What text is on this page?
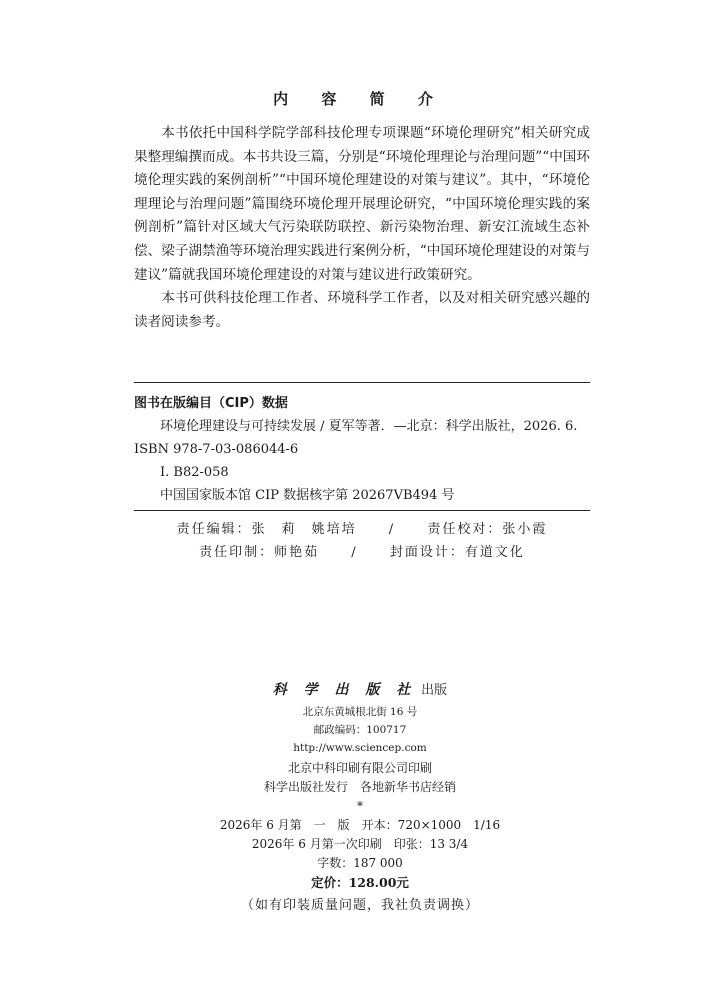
内 容 简 介

本书依托中国科学院学部科技伦理专项课题“环境伦理研究”相关研究成果整理编撰而成。本书共设三篇，分别是“环境伦理理论与治理问题”“中国环境伦理实践的案例剖析”“中国环境伦理建设的对策与建议”。其中，“环境伦理理论与治理问题”篇围绕环境伦理开展理论研究，“中国环境伦理实践的案例剖析”篇针对区域大气污染联防联控、新污染物治理、新安江流域生态补偿、梁子湖禁渔等环境治理实践进行案例分析，“中国环境伦理建设的对策与建议”篇就我国环境伦理建设的对策与建议进行政策研究。

本书可供科技伦理工作者、环境科学工作者，以及对相关研究感兴趣的读者阅读参考。

图书在版编目（CIP）数据
环境伦理建设与可持续发展 / 夏军等著．—北京：科学出版社，2026. 6.
ISBN 978-7-03-086044-6
Ⅰ. B82-058
中国国家版本馆 CIP 数据核字第 20267VB494 号
责任编辑：张　莉　姚培培 / 责任校对：张小霞
责任印制：师艳茹 / 封面设计：有道文化
科 学 出 版 社 出版
北京东黄城根北街 16 号
邮政编码：100717
http://www.sciencep.com
北京中科印刷有限公司印刷
科学出版社发行　各地新华书店经销
*
2026年 6 月第　一　版　开本：720×1000　1/16
2026年 6 月第一次印刷　印张：13 3/4
字数：187 000
定价：128.00元
（如有印装质量问题，我社负责调换）
